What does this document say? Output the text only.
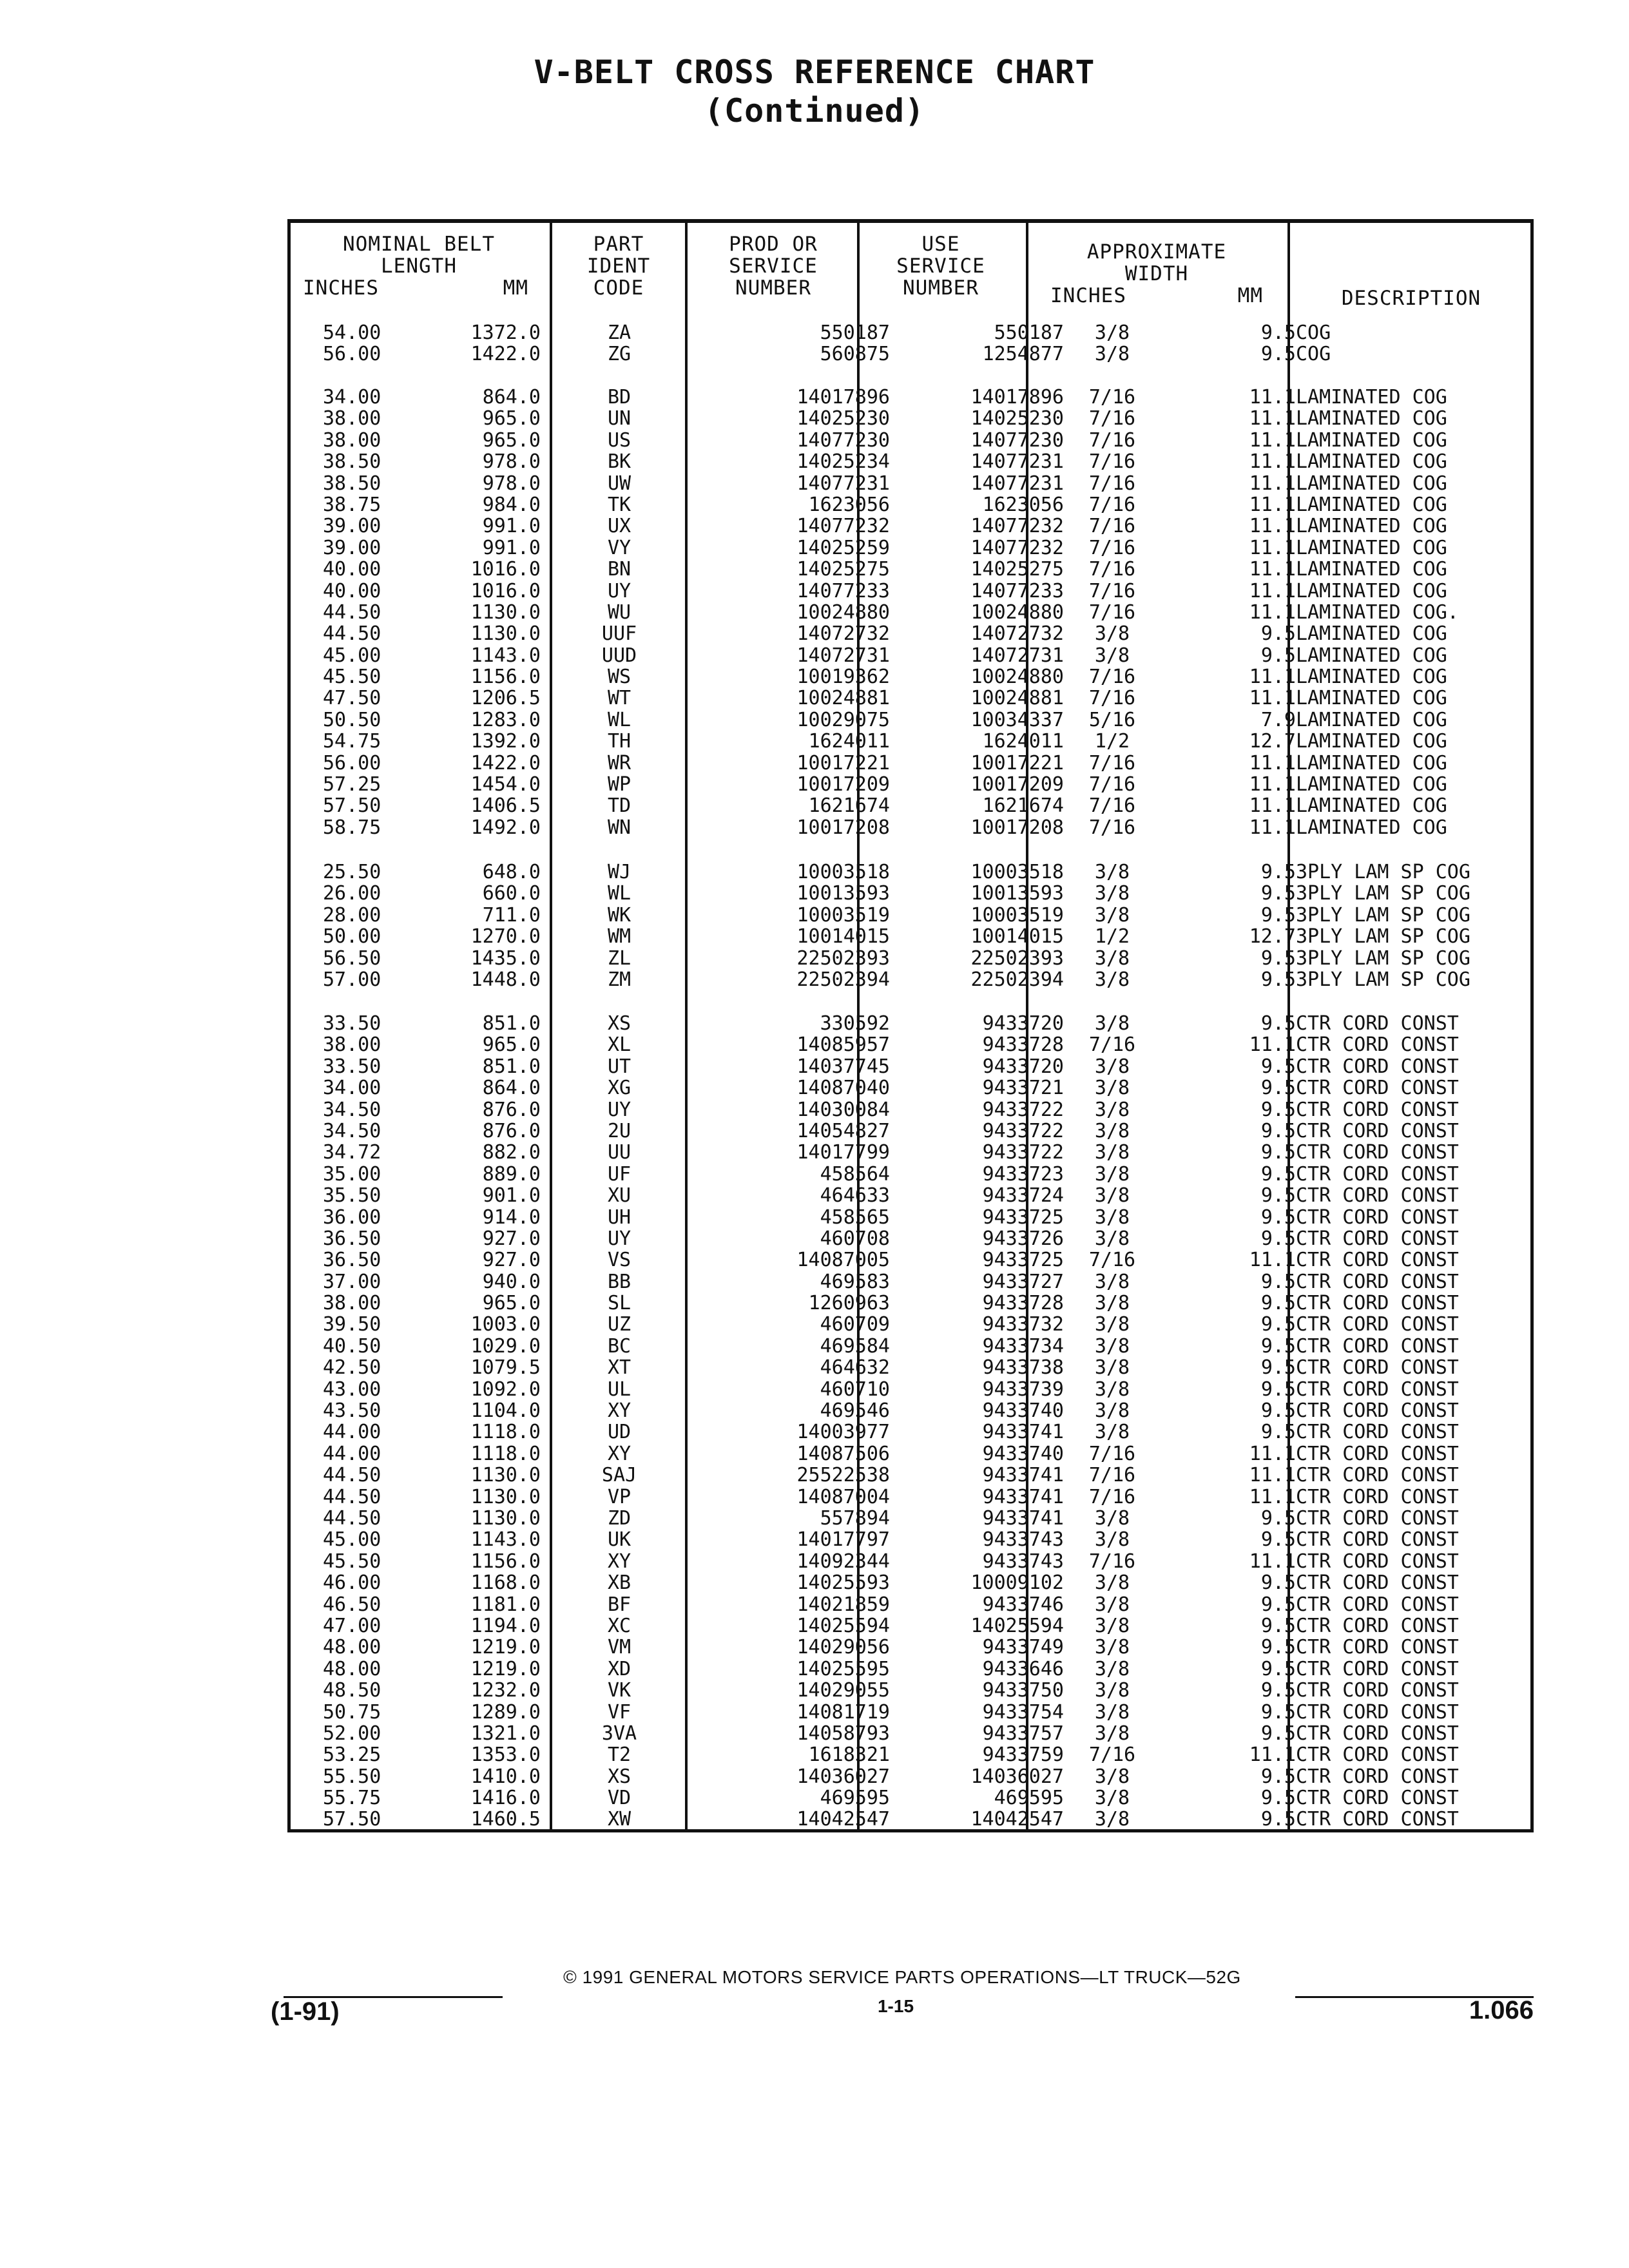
V-BELT CROSS REFERENCE CHART
(Continued)
NOMINAL BELT
LENGTH
INCHES	MM
PART
IDENT
CODE
PROD OR
SERVICE
NUMBER
USE
SERVICE
NUMBER
APPROXIMATE
WIDTH
INCHES	MM	DESCRIPTION
54.00	1372.0	ZA	550187	550187	3/8	9.5 COG
56.00	1422.0	ZG	560875	1254877	3/8	9.5 COG
34.00	864.0	BD	14017896	14017896	7/16	11.1 LAMINATED COG
38.00	965.0	UN	14025230	14025230	7/16	11.1 LAMINATED COG
38.00	965.0	US	14077230	14077230	7/16	11.1 LAMINATED COG
38.50	978.0	BK	14025234	14077231	7/16	11.1 LAMINATED COG
38.50	978.0	UW	14077231	14077231	7/16	11.1 LAMINATED COG
38.75	984.0	TK	1623056	1623056	7/16	11.1 LAMINATED COG
39.00	991.0	UX	14077232	14077232	7/16	11.1 LAMINATED COG
39.00	991.0	VY	14025259	14077232	7/16	11.1 LAMINATED COG
40.00	1016.0	BN	14025275	14025275	7/16	11.1 LAMINATED COG
40.00	1016.0	UY	14077233	14077233	7/16	11.1 LAMINATED COG
44.50	1130.0	WU	10024880	10024880	7/16	11.1 LAMINATED COG.
44.50	1130.0	UUF	14072732	14072732	3/8	9.5 LAMINATED COG
45.00	1143.0	UUD	14072731	14072731	3/8	9.5 LAMINATED COG
45.50	1156.0	WS	10019362	10024880	7/16	11.1 LAMINATED COG
47.50	1206.5	WT	10024881	10024881	7/16	11.1 LAMINATED COG
50.50	1283.0	WL	10029075	10034337	5/16	7.9 LAMINATED COG
54.75	1392.0	TH	1624011	1624011	1/2	12.7 LAMINATED COG
56.00	1422.0	WR	10017221	10017221	7/16	11.1 LAMINATED COG
57.25	1454.0	WP	10017209	10017209	7/16	11.1 LAMINATED COG
57.50	1406.5	TD	1621674	1621674	7/16	11.1 LAMINATED COG
58.75	1492.0	WN	10017208	10017208	7/16	11.1 LAMINATED COG
25.50	648.0	WJ	10003518	10003518	3/8	9.5 3PLY LAM SP COG
26.00	660.0	WL	10013593	10013593	3/8	9.5 3PLY LAM SP COG
28.00	711.0	WK	10003519	10003519	3/8	9.5 3PLY LAM SP COG
50.00	1270.0	WM	10014015	10014015	1/2	12.7 3PLY LAM SP COG
56.50	1435.0	ZL	22502393	22502393	3/8	9.5 3PLY LAM SP COG
57.00	1448.0	ZM	22502394	22502394	3/8	9.5 3PLY LAM SP COG
33.50	851.0	XS	330592	9433720	3/8	9.5 CTR CORD CONST
38.00	965.0	XL	14085957	9433728	7/16	11.1 CTR CORD CONST
33.50	851.0	UT	14037745	9433720	3/8	9.5 CTR CORD CONST
34.00	864.0	XG	14087040	9433721	3/8	9.5 CTR CORD CONST
34.50	876.0	UY	14030084	9433722	3/8	9.5 CTR CORD CONST
34.50	876.0	2U	14054827	9433722	3/8	9.5 CTR CORD CONST
34.72	882.0	UU	14017799	9433722	3/8	9.5 CTR CORD CONST
35.00	889.0	UF	458564	9433723	3/8	9.5 CTR CORD CONST
35.50	901.0	XU	464633	9433724	3/8	9.5 CTR CORD CONST
36.00	914.0	UH	458565	9433725	3/8	9.5 CTR CORD CONST
36.50	927.0	UY	460708	9433726	3/8	9.5 CTR CORD CONST
36.50	927.0	VS	14087005	9433725	7/16	11.1 CTR CORD CONST
37.00	940.0	BB	469583	9433727	3/8	9.5 CTR CORD CONST
38.00	965.0	SL	1260963	9433728	3/8	9.5 CTR CORD CONST
39.50	1003.0	UZ	460709	9433732	3/8	9.5 CTR CORD CONST
40.50	1029.0	BC	469584	9433734	3/8	9.5 CTR CORD CONST
42.50	1079.5	XT	464632	9433738	3/8	9.5 CTR CORD CONST
43.00	1092.0	UL	460710	9433739	3/8	9.5 CTR CORD CONST
43.50	1104.0	XY	469546	9433740	3/8	9.5 CTR CORD CONST
44.00	1118.0	UD	14003977	9433741	3/8	9.5 CTR CORD CONST
44.00	1118.0	XY	14087506	9433740	7/16	11.1 CTR CORD CONST
44.50	1130.0	SAJ	25522538	9433741	7/16	11.1 CTR CORD CONST
44.50	1130.0	VP	14087004	9433741	7/16	11.1 CTR CORD CONST
44.50	1130.0	ZD	557894	9433741	3/8	9.5 CTR CORD CONST
45.00	1143.0	UK	14017797	9433743	3/8	9.5 CTR CORD CONST
45.50	1156.0	XY	14092344	9433743	7/16	11.1 CTR CORD CONST
46.00	1168.0	XB	14025593	10009102	3/8	9.5 CTR CORD CONST
46.50	1181.0	BF	14021859	9433746	3/8	9.5 CTR CORD CONST
47.00	1194.0	XC	14025594	14025594	3/8	9.5 CTR CORD CONST
48.00	1219.0	VM	14029056	9433749	3/8	9.5 CTR CORD CONST
48.00	1219.0	XD	14025595	9433646	3/8	9.5 CTR CORD CONST
48.50	1232.0	VK	14029055	9433750	3/8	9.5 CTR CORD CONST
50.75	1289.0	VF	14081719	9433754	3/8	9.5 CTR CORD CONST
52.00	1321.0	3VA	14058793	9433757	3/8	9.5 CTR CORD CONST
53.25	1353.0	T2	1618321	9433759	7/16	11.1 CTR CORD CONST
55.50	1410.0	XS	14036027	14036027	3/8	9.5 CTR CORD CONST
55.75	1416.0	VD	469595	469595	3/8	9.5 CTR CORD CONST
57.50	1460.5	XW	14042547	14042547	3/8	9.5 CTR CORD CONST
(1-91)
© 1991 GENERAL MOTORS SERVICE PARTS OPERATIONS—LT TRUCK—52G
1-15	1.066
